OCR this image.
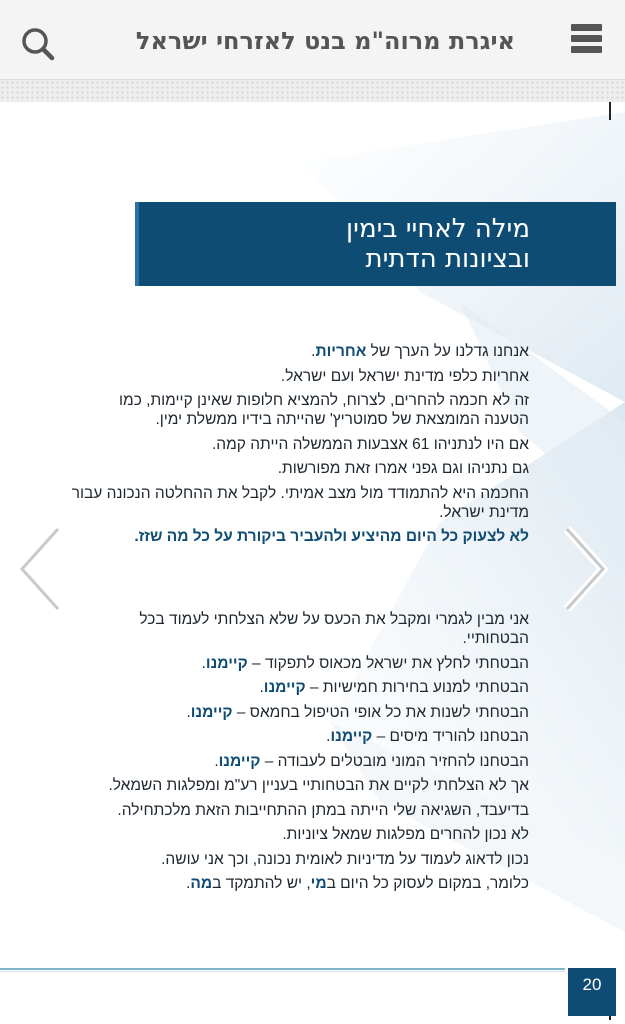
איגרת מרוה"מ בנט לאזרחי ישראל
מילה לאחיי בימין
ובציונות הדתית
אנחנו גדלנו על הערך של אחריות.
אחריות כלפי מדינת ישראל ועם ישראל.
זה לא חכמה להחרים, לצרוח, להמציא חלופות שאינן קיימות, כמו הטענה המומצאת של סמוטריץ' שהייתה בידיו ממשלת ימין.
אם היו לנתניהו 61 אצבעות הממשלה הייתה קמה.
גם נתניהו וגם גפני אמרו זאת מפורשות.
החכמה היא להתמודד מול מצב אמיתי. לקבל את ההחלטה הנכונה עבור מדינת ישראל.
לא לצעוק כל היום מהיציע ולהעביר ביקורת על כל מה שזז.
אני מבין לגמרי ומקבל את הכעס על שלא הצלחתי לעמוד בכל הבטחותיי.
הבטחתי לחלץ את ישראל מכאוס לתפקוד – קיימנו.
הבטחתי למנוע בחירות חמישיות – קיימנו.
הבטחתי לשנות את כל אופי הטיפול בחמאס – קיימנו.
הבטחנו להוריד מיסים – קיימנו.
הבטחנו להחזיר המוני מובטלים לעבודה – קיימנו.
אך לא הצלחתי לקיים את הבטחותיי בעניין רע"מ ומפלגות השמאל.
בדיעבד, השגיאה שלי הייתה במתן ההתחייבות הזאת מלכתחילה.
לא נכון להחרים מפלגות שמאל ציוניות.
נכון לדאוג לעמוד על מדיניות לאומית נכונה, וכך אני עושה.
כלומר, במקום לעסוק כל היום במי, יש להתמקד במה.
20
